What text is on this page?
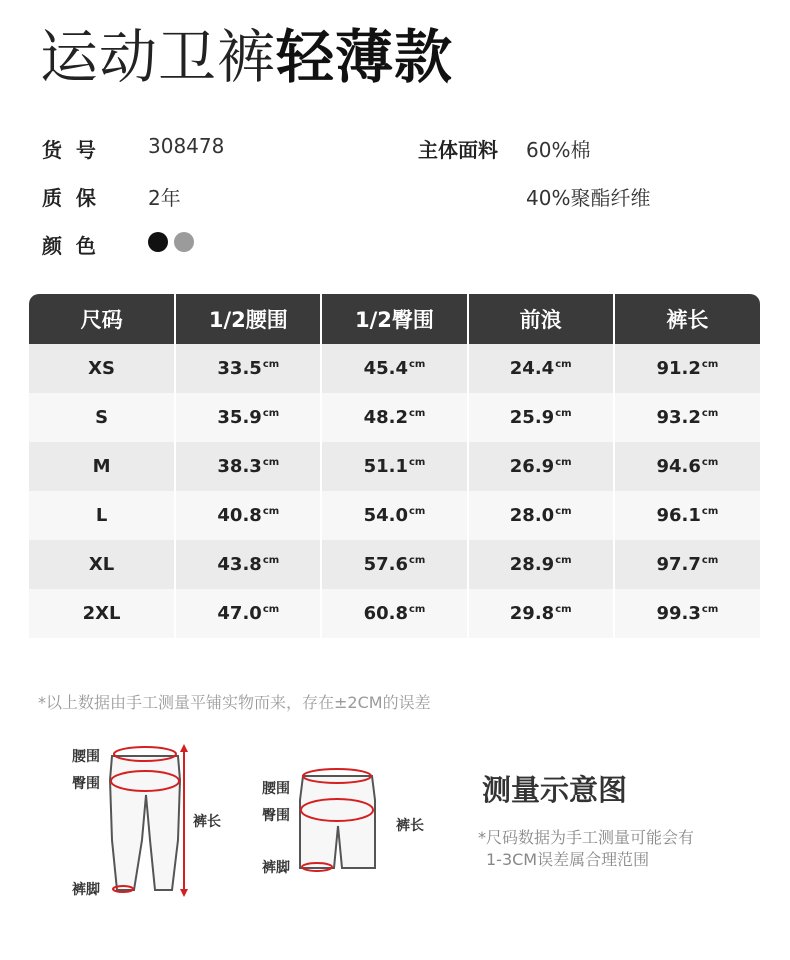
运动卫裤轻薄款
货  号	308478
质  保	2年
颜  色
主体面料 60%棉
40%聚酯纤维
尺码	1/2腰围	1/2臀围	前浪	裤长
XS	$33.5^{cm}$	$45.4^{cm}$	$24.4^{cm}$	$91.2^{cm}$
S	$35.9^{cm}$	$48.2^{cm}$	$25.9^{cm}$	$93.2^{cm}$
M	$38.3^{cm}$	$51.1^{cm}$	$26.9^{cm}$	$94.6^{cm}$
L	$40.8^{cm}$	$54.0^{cm}$	$28.0^{cm}$	$96.1^{cm}$
XL	$43.8^{cm}$	$57.6^{cm}$	$28.9^{cm}$	$97.7^{cm}$
2XL	$47.0^{cm}$	$60.8^{cm}$	$29.8^{cm}$	$99.3^{cm}$
*以上数据由手工测量平铺实物而来，存在±2CM的误差
腰围
臀围
裤长
裤脚
腰围
臀围
裤长
裤脚
测量示意图
*尺码数据为手工测量可能会有
1-3CM误差属合理范围
